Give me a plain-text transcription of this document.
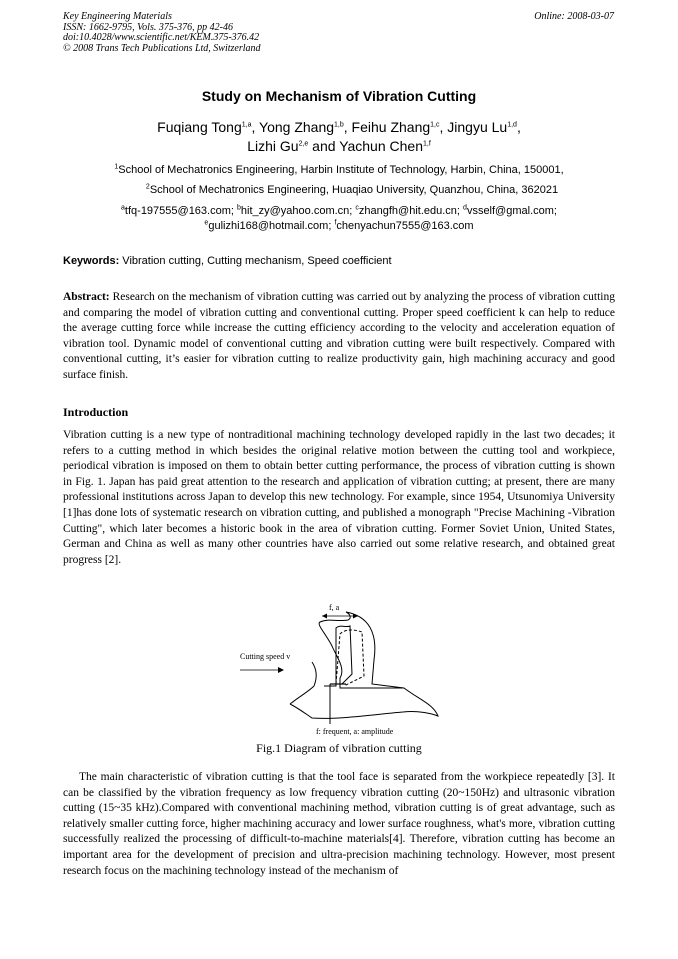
Key Engineering Materials
ISSN: 1662-9795, Vols. 375-376, pp 42-46
doi:10.4028/www.scientific.net/KEM.375-376.42
© 2008 Trans Tech Publications Ltd, Switzerland
Online: 2008-03-07
Study on Mechanism of Vibration Cutting
Fuqiang Tong$^{1,a}$, Yong Zhang$^{1,b}$, Feihu Zhang$^{1,c}$, Jingyu Lu$^{1,d}$,
Lizhi Gu$^{2,e}$ and Yachun Chen$^{1,f}$
$^1$School of Mechatronics Engineering, Harbin Institute of Technology, Harbin, China, 150001,
$^2$School of Mechatronics Engineering, Huaqiao University, Quanzhou, China, 362021
$^a$tfq-197555@163.com; $^b$hit_zy@yahoo.com.cn; $^c$zhangfh@hit.edu.cn; $^d$vsself@gmal.com;
$^e$gulizhi168@hotmail.com; $^f$chenyachun7555@163.com
Keywords: Vibration cutting, Cutting mechanism, Speed coefficient
Abstract: Research on the mechanism of vibration cutting was carried out by analyzing the process of vibration cutting and comparing the model of vibration cutting and conventional cutting. Proper speed coefficient k can help to reduce the average cutting force while increase the cutting efficiency according to the velocity and acceleration equation of vibration tool. Dynamic model of conventional cutting and vibration cutting were built respectively. Compared with conventional cutting, it’s easier for vibration cutting to realize productivity gain, high machining accuracy and good surface finish.
Introduction
Vibration cutting is a new type of nontraditional machining technology developed rapidly in the last two decades; it refers to a cutting method in which besides the original relative motion between the cutting tool and workpiece, periodical vibration is imposed on them to obtain better cutting performance, the process of vibration cutting is shown in Fig. 1. Japan has paid great attention to the research and application of vibration cutting; at present, there are many professional institutions across Japan to develop this new technology. For example, since 1954, Utsunomiya University [1]has done lots of systematic research on vibration cutting, and published a monograph "Precise Machining -Vibration Cutting", which later becomes a historic book in the area of vibration cutting. Former Soviet Union, United States, German and China as well as many other countries have also carried out some relative research, and obtained great progress [2].
f, a
Cutting speed v
f: frequent, a: amplitude
Fig.1 Diagram of vibration cutting
The main characteristic of vibration cutting is that the tool face is separated from the workpiece repeatedly [3]. It can be classified by the vibration frequency as low frequency vibration cutting (20~150Hz) and ultrasonic vibration cutting (15~35 kHz).Compared with conventional machining method, vibration cutting is of great advantage, such as relatively smaller cutting force, higher machining accuracy and lower surface roughness, what's more, vibration cutting successfully realized the processing of difficult-to-machine materials[4]. Therefore, vibration cutting has become an important area for the development of precision and ultra-precision machining technology. However, most present research focus on the machining technology instead of the mechanism of
